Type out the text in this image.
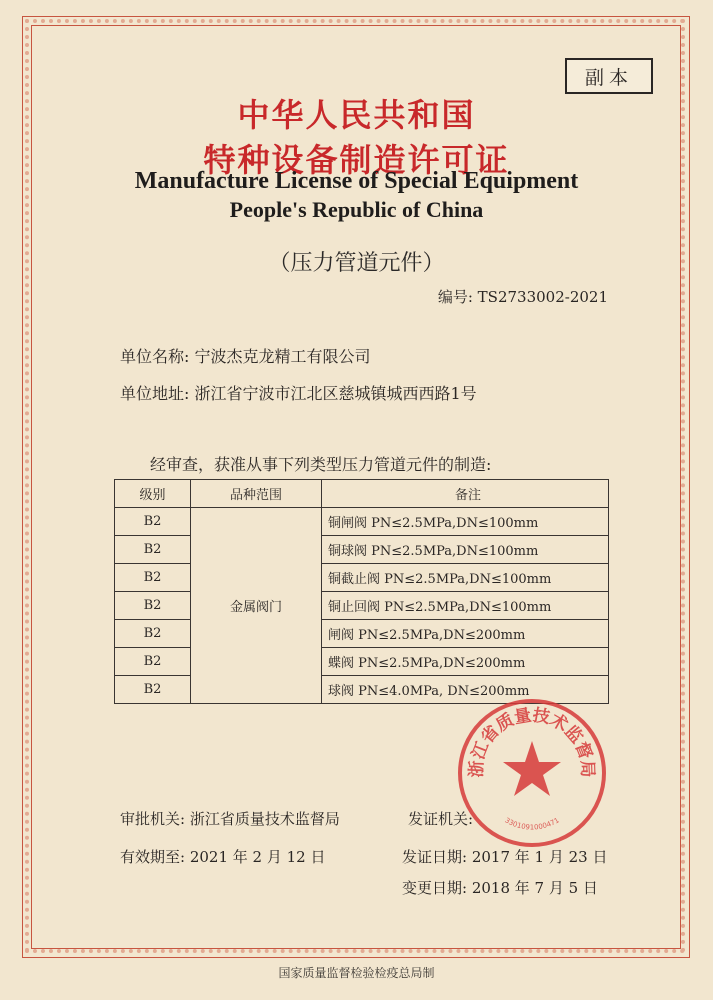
副本
中华人民共和国
特种设备制造许可证
Manufacture License of Special Equipment
People's Republic of China
（压力管道元件）
编号: TS2733002-2021
单位名称: 宁波杰克龙精工有限公司
单位地址: 浙江省宁波市江北区慈城镇城西西路1号
经审查，获准从事下列类型压力管道元件的制造:
级别	品种范围	备注
B2	金属阀门	铜闸阀 PN≤2.5MPa,DN≤100mm
B2		铜球阀 PN≤2.5MPa,DN≤100mm
B2		铜截止阀 PN≤2.5MPa,DN≤100mm
B2		铜止回阀 PN≤2.5MPa,DN≤100mm
B2		闸阀 PN≤2.5MPa,DN≤200mm
B2		蝶阀 PN≤2.5MPa,DN≤200mm
B2		球阀 PN≤4.0MPa, DN≤200mm
审批机关: 浙江省质量技术监督局	发证机关:
有效期至: 2021 年 2 月 12 日	发证日期: 2017 年 1 月 23 日
变更日期: 2018 年 7 月 5 日
浙江省质量技术监督局
3301091000471
国家质量监督检验检疫总局制
